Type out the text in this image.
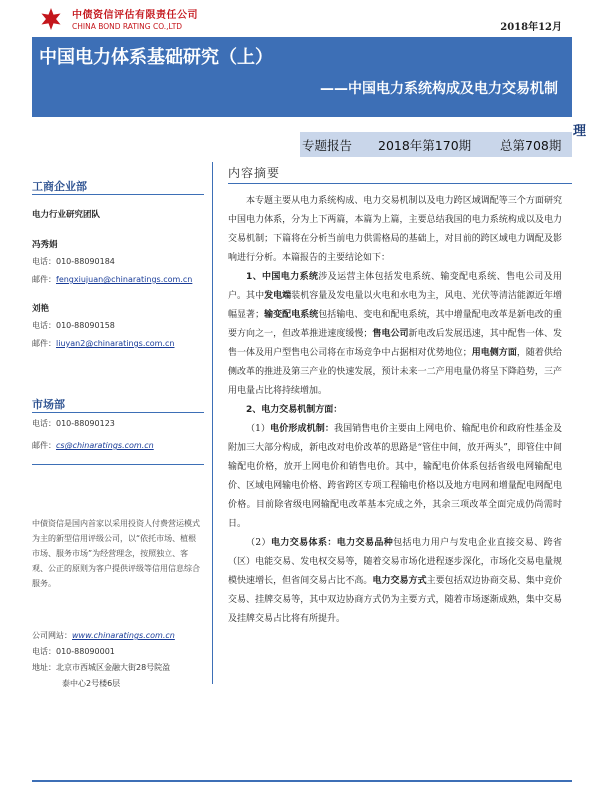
中债资信评估有限责任公司
CHINA BOND RATING CO.,LTD	2018年12月
中国电力体系基础研究（上）
——中国电力系统构成及电力交易机制
理
专题报告 2018年第170期 总第708期
工商企业部
电力行业研究团队
冯秀娟
电话：010-88090184
邮件：fengxiujuan@chinaratings.com.cn
刘艳
电话：010-88090158
邮件：liuyan2@chinaratings.com.cn
市场部
电话：010-88090123
邮件：cs@chinaratings.com.cn
中债资信是国内首家以采用投资人付费营运模式为主的新型信用评级公司，以“依托市场、植根市场、服务市场”为经营理念，按照独立、客观、公正的原则为客户提供评级等信用信息综合服务。
公司网站：www.chinaratings.com.cn
电话：010-88090001
地址：北京市西城区金融大街28号院盈
泰中心2号楼6层
内容摘要

本专题主要从电力系统构成、电力交易机制以及电力跨区域调配等三个方面研究中国电力体系，分为上下两篇，本篇为上篇，主要总结我国的电力系统构成以及电力交易机制；下篇将在分析当前电力供需格局的基础上，对目前的跨区域电力调配及影响进行分析。本篇报告的主要结论如下：

1、中国电力系统涉及运营主体包括发电系统、输变配电系统、售电公司及用户。其中发电端装机容量及发电量以火电和水电为主，风电、光伏等清洁能源近年增幅显著；输变配电系统包括输电、变电和配电系统，其中增量配电改革是新电改的重要方向之一，但改革推进速度缓慢；售电公司新电改后发展迅速，其中配售一体、发售一体及用户型售电公司将在市场竞争中占据相对优势地位；用电侧方面，随着供给侧改革的推进及第三产业的快速发展，预计未来一二产用电量仍将呈下降趋势，三产用电量占比将持续增加。

2、电力交易机制方面：

（1）电价形成机制：我国销售电价主要由上网电价、输配电价和政府性基金及附加三大部分构成，新电改对电价改革的思路是“管住中间，放开两头”，即管住中间输配电价格，放开上网电价和销售电价。其中，输配电价体系包括省级电网输配电价、区域电网输电价格、跨省跨区专项工程输电价格以及地方电网和增量配电网配电价格。目前除省级电网输配电改革基本完成之外，其余三项改革全面完成仍尚需时日。

（2）电力交易体系：电力交易品种包括电力用户与发电企业直接交易、跨省（区）电能交易、发电权交易等，随着交易市场化进程逐步深化，市场化交易电量规模快速增长，但省间交易占比不高。电力交易方式主要包括双边协商交易、集中竞价交易、挂牌交易等，其中双边协商方式仍为主要方式，随着市场逐渐成熟，集中交易及挂牌交易占比将有所提升。
